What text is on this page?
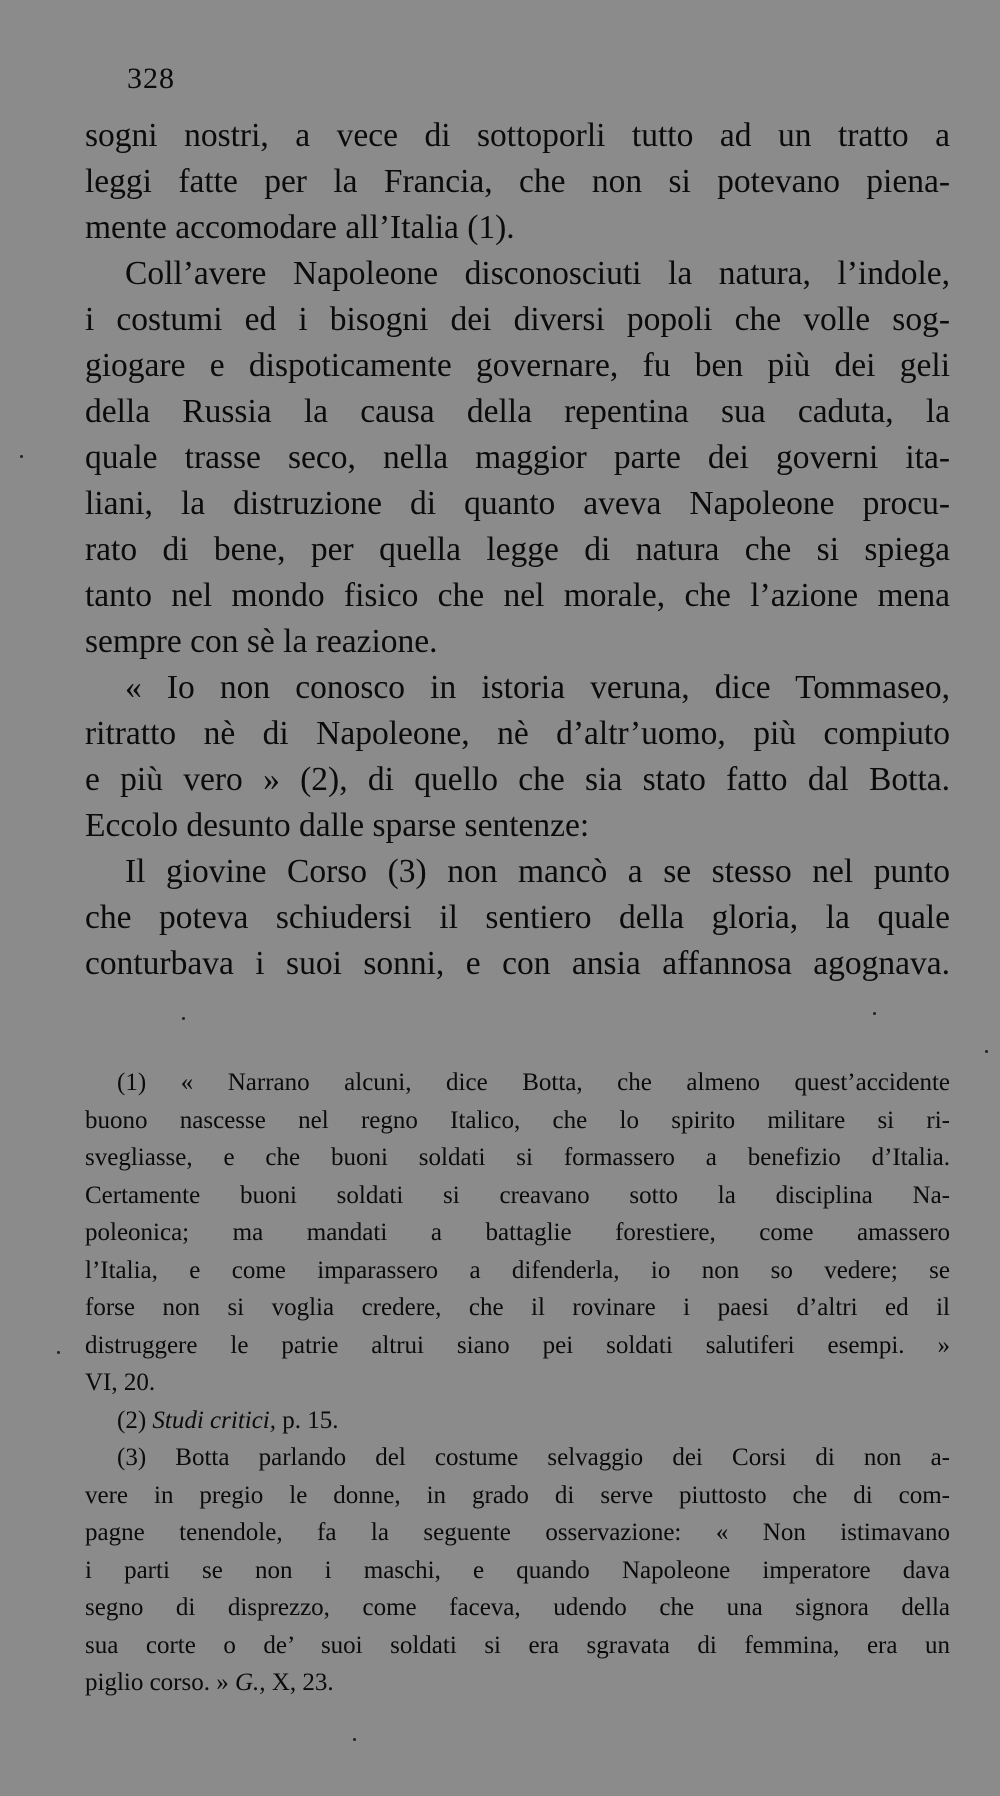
328
sogni nostri, a vece di sottoporli tutto ad un tratto a
leggi fatte per la Francia, che non si potevano piena-
mente accomodare all’Italia (1).
Coll’avere Napoleone disconosciuti la natura, l’indole,
i costumi ed i bisogni dei diversi popoli che volle sog-
giogare e dispoticamente governare, fu ben più dei geli
della Russia la causa della repentina sua caduta, la
quale trasse seco, nella maggior parte dei governi ita-
liani, la distruzione di quanto aveva Napoleone procu-
rato di bene, per quella legge di natura che si spiega
tanto nel mondo fisico che nel morale, che l’azione mena
sempre con sè la reazione.
« Io non conosco in istoria veruna, dice Tommaseo,
ritratto nè di Napoleone, nè d’altr’uomo, più compiuto
e più vero » (2), di quello che sia stato fatto dal Botta.
Eccolo desunto dalle sparse sentenze:
Il giovine Corso (3) non mancò a se stesso nel punto
che poteva schiudersi il sentiero della gloria, la quale
conturbava i suoi sonni, e con ansia affannosa agognava.
(1) « Narrano alcuni, dice Botta, che almeno quest’accidente
buono nascesse nel regno Italico, che lo spirito militare si ri-
svegliasse, e che buoni soldati si formassero a benefizio d’Italia.
Certamente buoni soldati si creavano sotto la disciplina Na-
poleonica; ma mandati a battaglie forestiere, come amassero
l’Italia, e come imparassero a difenderla, io non so vedere; se
forse non si voglia credere, che il rovinare i paesi d’altri ed il
distruggere le patrie altrui siano pei soldati salutiferi esempi. »
VI, 20.
(2) Studi critici, p. 15.
(3) Botta parlando del costume selvaggio dei Corsi di non a-
vere in pregio le donne, in grado di serve piuttosto che di com-
pagne tenendole, fa la seguente osservazione: « Non istimavano
i parti se non i maschi, e quando Napoleone imperatore dava
segno di disprezzo, come faceva, udendo che una signora della
sua corte o de’ suoi soldati si era sgravata di femmina, era un
piglio corso. » G., X, 23.
